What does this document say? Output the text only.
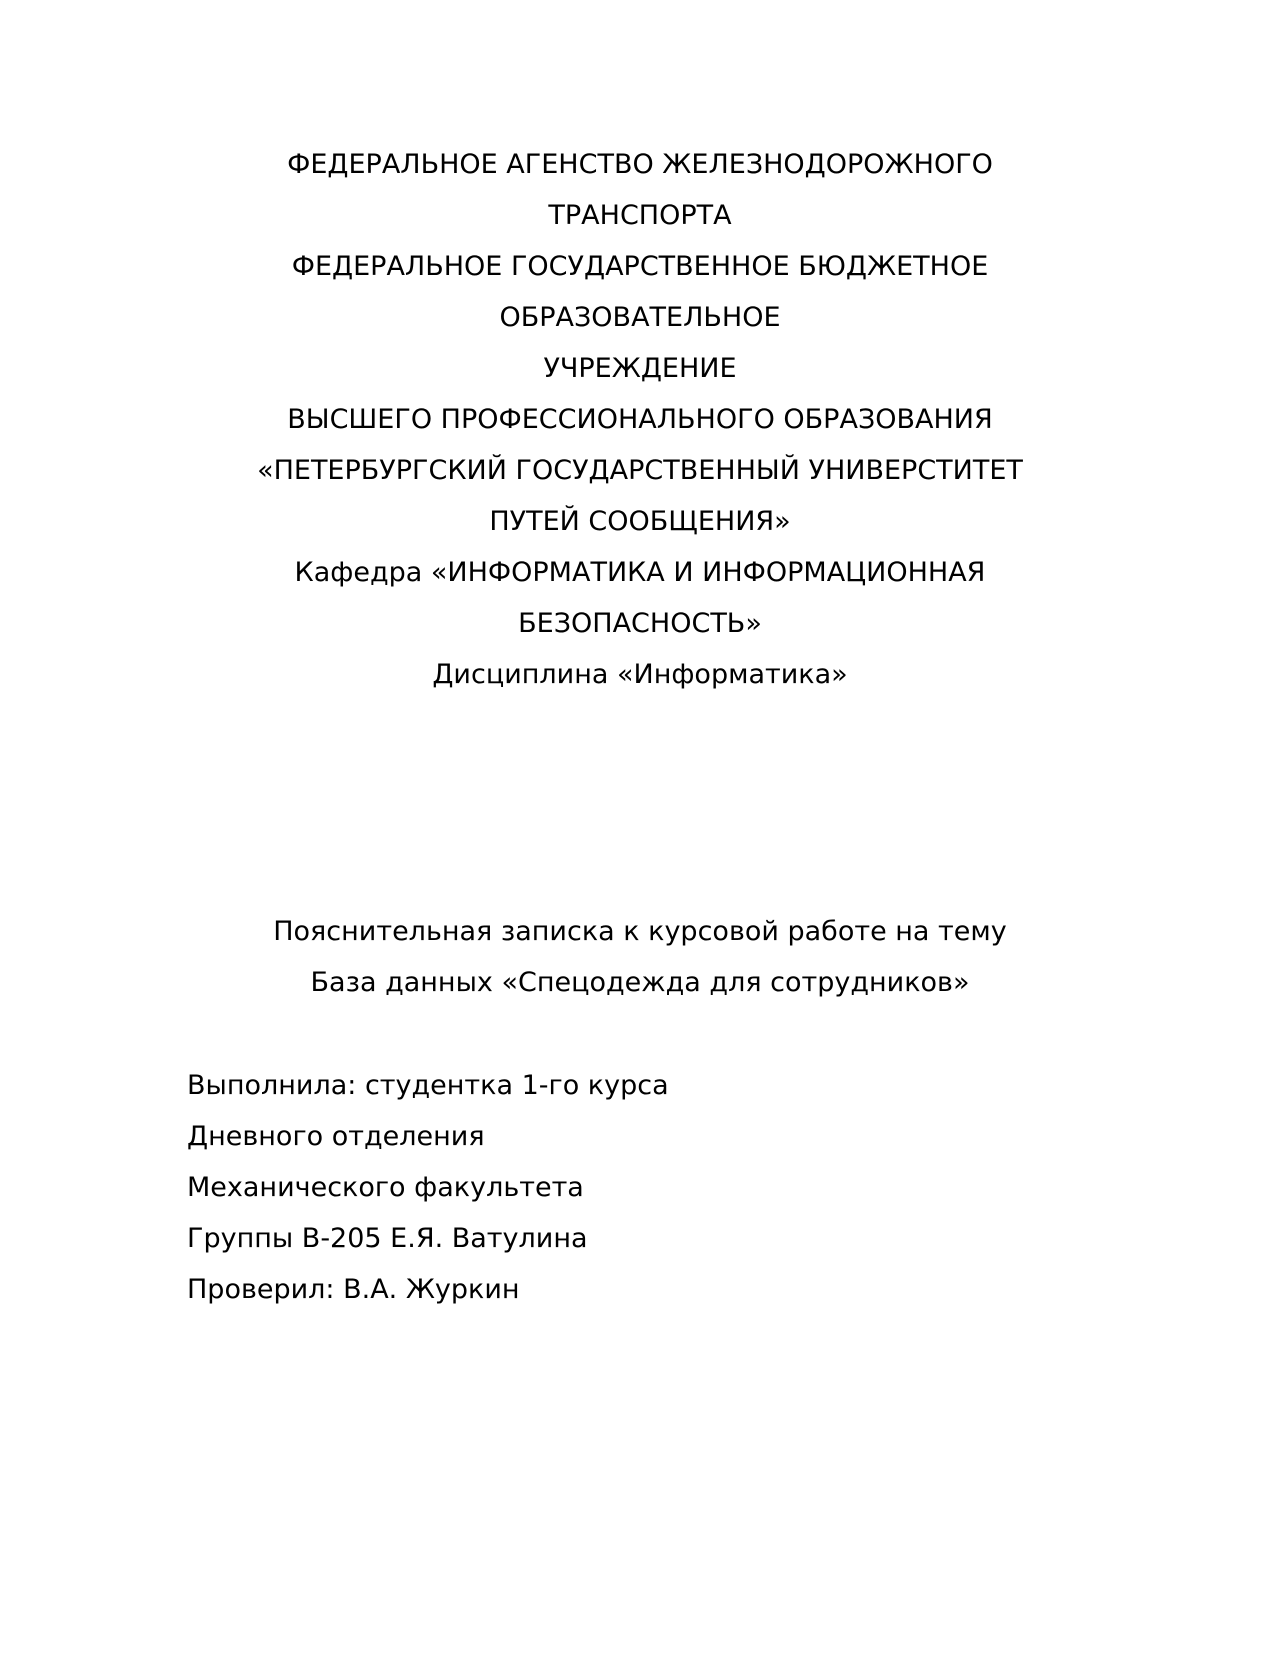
ФЕДЕРАЛЬНОЕ АГЕНСТВО ЖЕЛЕЗНОДОРОЖНОГО
ТРАНСПОРТА
ФЕДЕРАЛЬНОЕ ГОСУДАРСТВЕННОЕ БЮДЖЕТНОЕ
ОБРАЗОВАТЕЛЬНОЕ
УЧРЕЖДЕНИЕ
ВЫСШЕГО ПРОФЕССИОНАЛЬНОГО ОБРАЗОВАНИЯ
«ПЕТЕРБУРГСКИЙ ГОСУДАРСТВЕННЫЙ УНИВЕРСТИТЕТ
ПУТЕЙ СООБЩЕНИЯ»
Кафедра «ИНФОРМАТИКА И ИНФОРМАЦИОННАЯ
БЕЗОПАСНОСТЬ»
Дисциплина «Информатика»
Пояснительная записка к курсовой работе на тему
База данных «Спецодежда для сотрудников»
Выполнила: студентка 1-го курса
Дневного отделения
Механического факультета
Группы В-205 Е.Я. Ватулина
Проверил: В.А. Журкин
